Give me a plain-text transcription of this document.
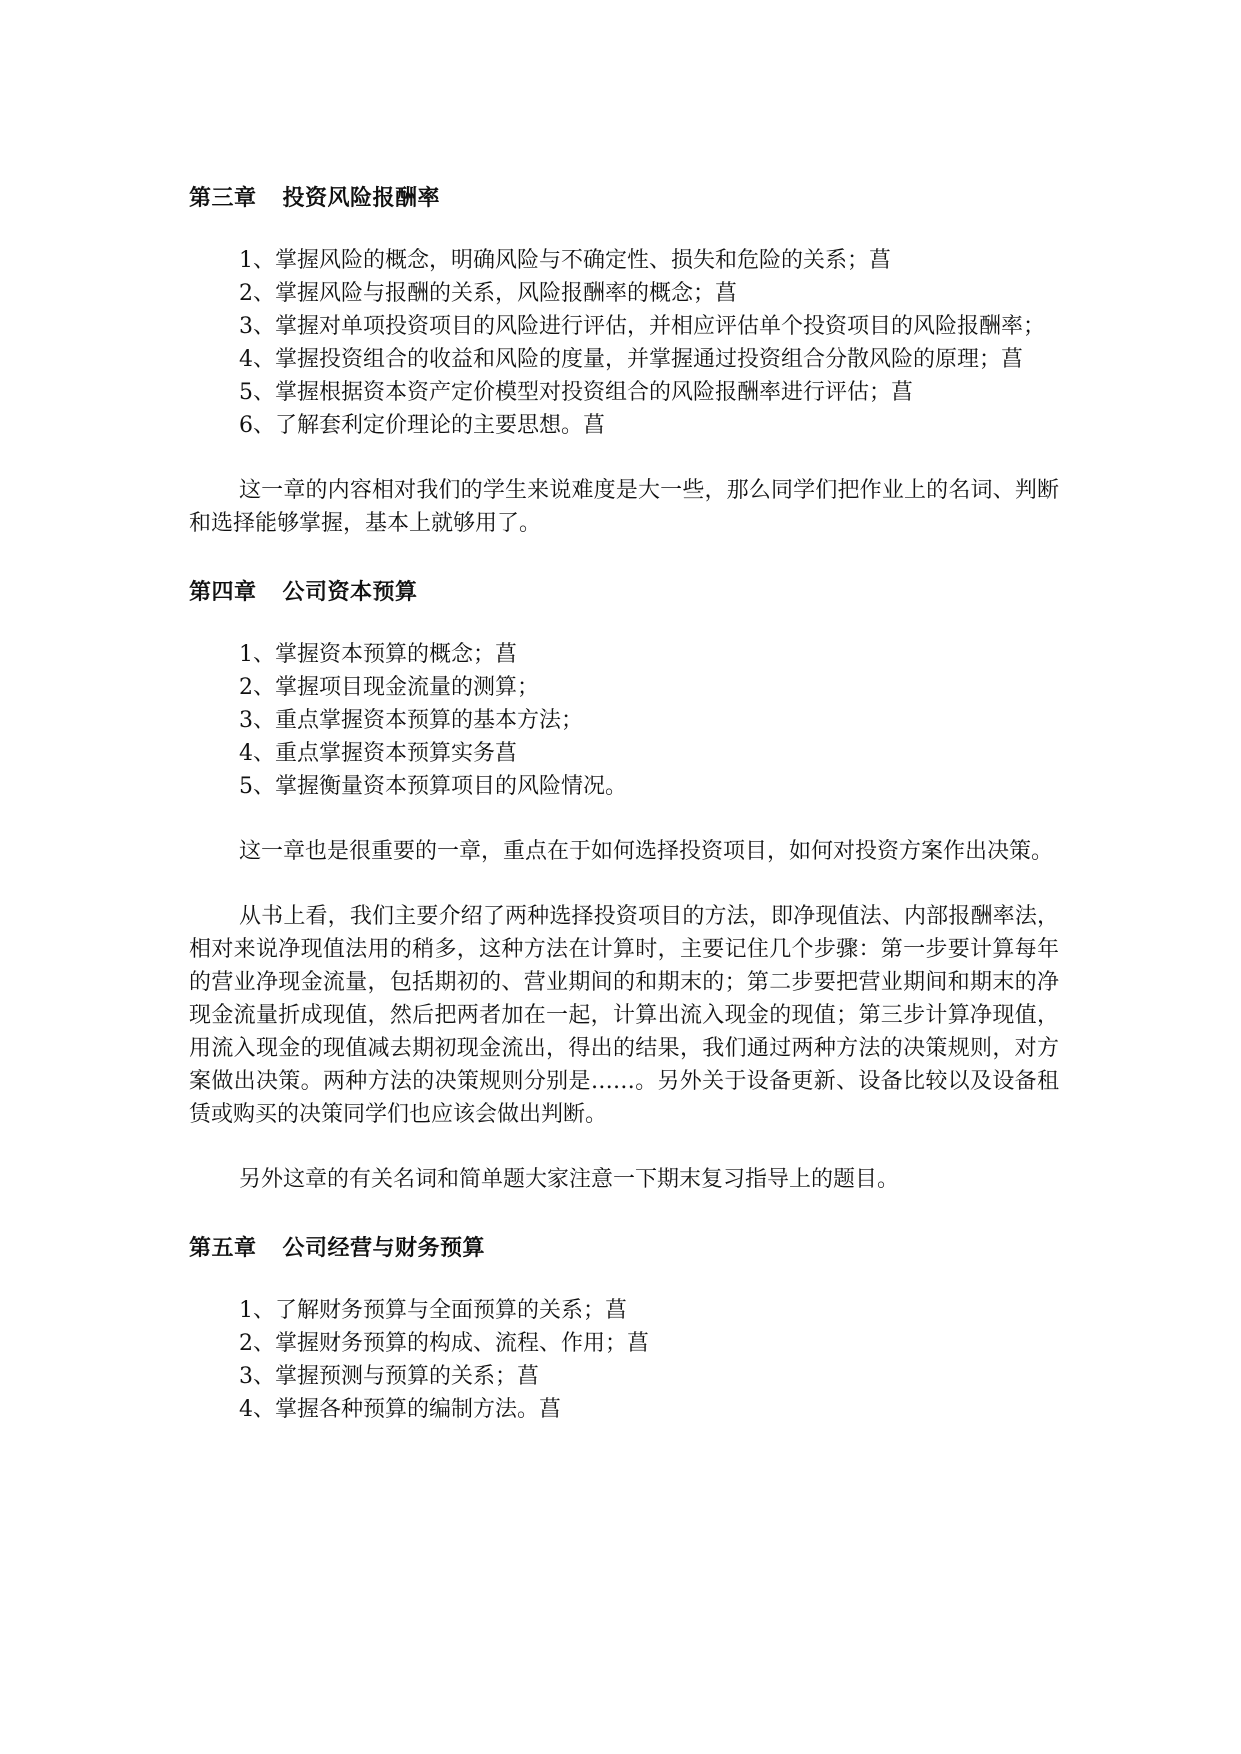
第三章 投资风险报酬率
1、掌握风险的概念，明确风险与不确定性、损失和危险的关系；菖
2、掌握风险与报酬的关系，风险报酬率的概念；菖
3、掌握对单项投资项目的风险进行评估，并相应评估单个投资项目的风险报酬率；
4、掌握投资组合的收益和风险的度量，并掌握通过投资组合分散风险的原理；菖
5、掌握根据资本资产定价模型对投资组合的风险报酬率进行评估；菖
6、了解套利定价理论的主要思想。菖

这一章的内容相对我们的学生来说难度是大一些，那么同学们把作业上的名词、判断和选择能够掌握，基本上就够用了。

第四章 公司资本预算
1、掌握资本预算的概念；菖
2、掌握项目现金流量的测算；
3、重点掌握资本预算的基本方法；
4、重点掌握资本预算实务菖
5、掌握衡量资本预算项目的风险情况。

这一章也是很重要的一章，重点在于如何选择投资项目，如何对投资方案作出决策。

从书上看，我们主要介绍了两种选择投资项目的方法，即净现值法、内部报酬率法，相对来说净现值法用的稍多，这种方法在计算时，主要记住几个步骤：第一步要计算每年的营业净现金流量，包括期初的、营业期间的和期末的；第二步要把营业期间和期末的净现金流量折成现值，然后把两者加在一起，计算出流入现金的现值；第三步计算净现值，用流入现金的现值减去期初现金流出，得出的结果，我们通过两种方法的决策规则，对方案做出决策。两种方法的决策规则分别是……。另外关于设备更新、设备比较以及设备租赁或购买的决策同学们也应该会做出判断。

另外这章的有关名词和简单题大家注意一下期末复习指导上的题目。

第五章 公司经营与财务预算
1、了解财务预算与全面预算的关系；菖
2、掌握财务预算的构成、流程、作用；菖
3、掌握预测与预算的关系；菖
4、掌握各种预算的编制方法。菖
